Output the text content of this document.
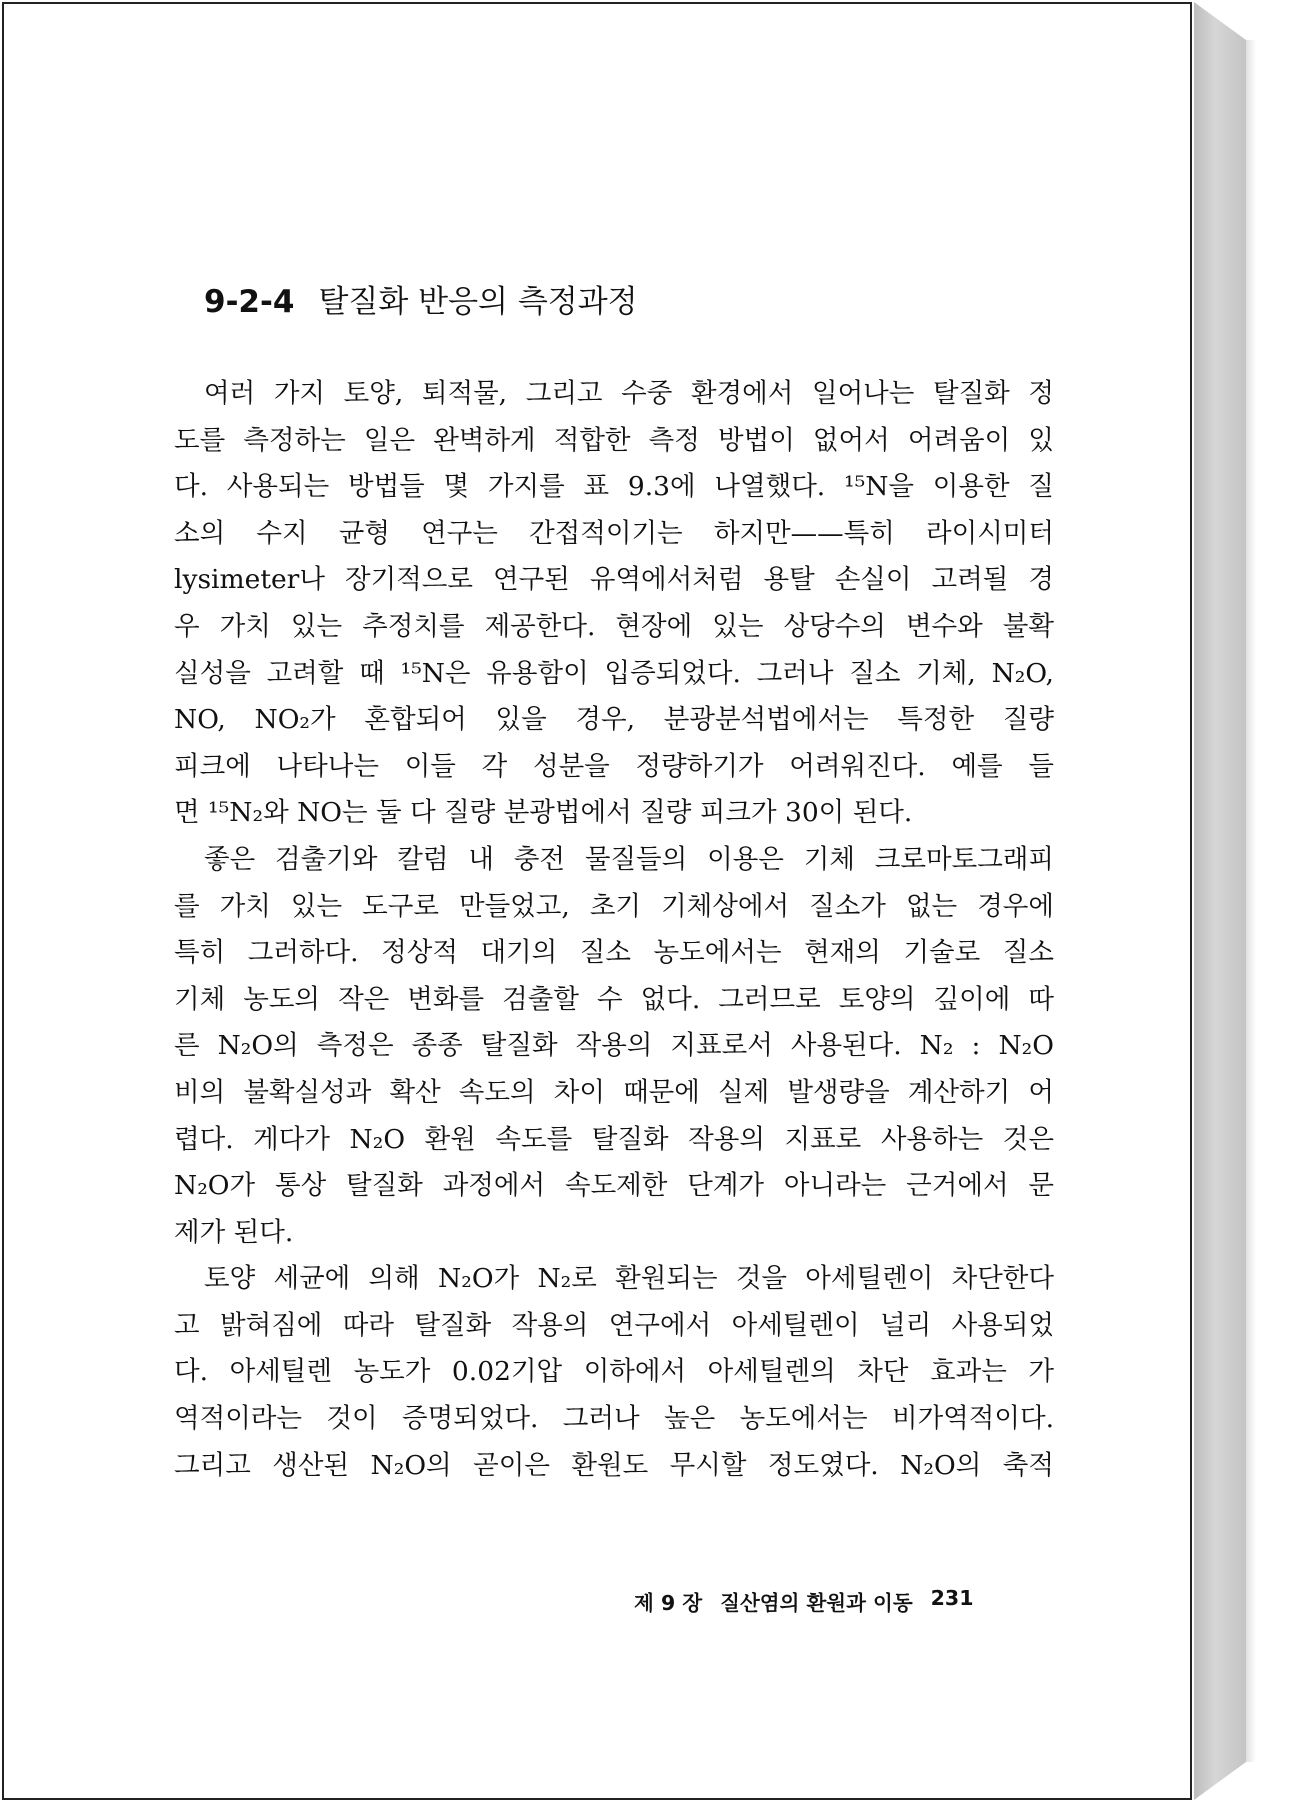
9-2-4 탈질화 반응의 측정과정
여러 가지 토양, 퇴적물, 그리고 수중 환경에서 일어나는 탈질화 정
도를 측정하는 일은 완벽하게 적합한 측정 방법이 없어서 어려움이 있
다. 사용되는 방법들 몇 가지를 표 9.3에 나열했다. ¹⁵N을 이용한 질
소의 수지 균형 연구는 간접적이기는 하지만——특히 라이시미터
lysimeter나 장기적으로 연구된 유역에서처럼 용탈 손실이 고려될 경
우 가치 있는 추정치를 제공한다. 현장에 있는 상당수의 변수와 불확
실성을 고려할 때 ¹⁵N은 유용함이 입증되었다. 그러나 질소 기체, N₂O,
NO, NO₂가 혼합되어 있을 경우, 분광분석법에서는 특정한 질량
피크에 나타나는 이들 각 성분을 정량하기가 어려워진다. 예를 들
면 ¹⁵N₂와 NO는 둘 다 질량 분광법에서 질량 피크가 30이 된다.
좋은 검출기와 칼럼 내 충전 물질들의 이용은 기체 크로마토그래피
를 가치 있는 도구로 만들었고, 초기 기체상에서 질소가 없는 경우에
특히 그러하다. 정상적 대기의 질소 농도에서는 현재의 기술로 질소
기체 농도의 작은 변화를 검출할 수 없다. 그러므로 토양의 깊이에 따
른 N₂O의 측정은 종종 탈질화 작용의 지표로서 사용된다. N₂ : N₂O
비의 불확실성과 확산 속도의 차이 때문에 실제 발생량을 계산하기 어
렵다. 게다가 N₂O 환원 속도를 탈질화 작용의 지표로 사용하는 것은
N₂O가 통상 탈질화 과정에서 속도제한 단계가 아니라는 근거에서 문
제가 된다.
토양 세균에 의해 N₂O가 N₂로 환원되는 것을 아세틸렌이 차단한다
고 밝혀짐에 따라 탈질화 작용의 연구에서 아세틸렌이 널리 사용되었
다. 아세틸렌 농도가 0.02기압 이하에서 아세틸렌의 차단 효과는 가
역적이라는 것이 증명되었다. 그러나 높은 농도에서는 비가역적이다.
그리고 생산된 N₂O의 곧이은 환원도 무시할 정도였다. N₂O의 축적
제 9 장 질산염의 환원과 이동 231
